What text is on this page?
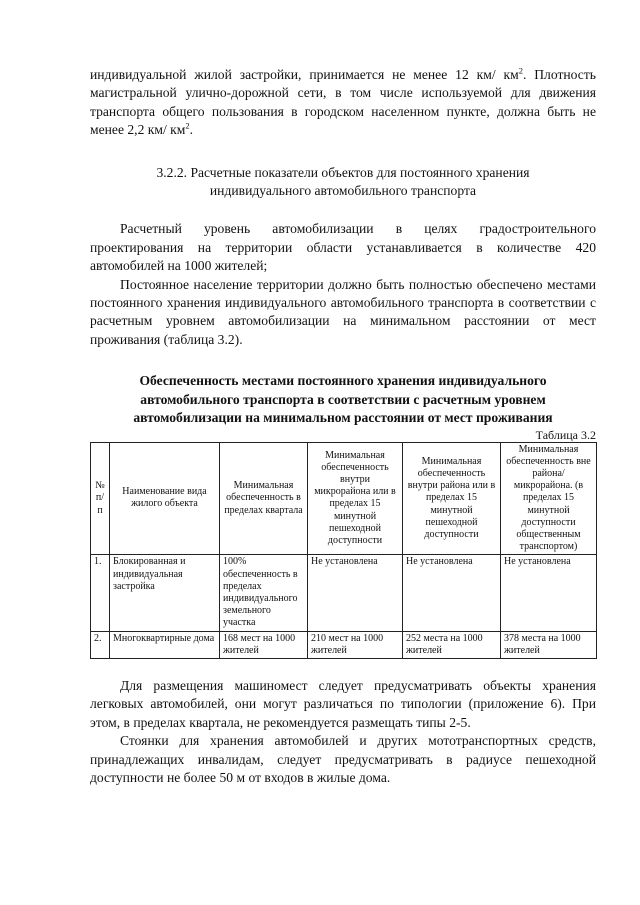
индивидуальной жилой застройки, принимается не менее 12 км/ $км^2$. Плотность магистральной улично-дорожной сети, в том числе используемой для движения транспорта общего пользования в городском населенном пункте, должна быть не менее 2,2 км/ $км^2$.

3.2.2. Расчетные показатели объектов для постоянного хранения
индивидуального автомобильного транспорта

Расчетный уровень автомобилизации в целях градостроительного проектирования на территории области устанавливается в количестве 420 автомобилей на 1000 жителей;

Постоянное население территории должно быть полностью обеспечено местами постоянного хранения индивидуального автомобильного транспорта в соответствии с расчетным уровнем автомобилизации на минимальном расстоянии от мест проживания (таблица 3.2).

Обеспеченность местами постоянного хранения индивидуального автомобильного транспорта в соответствии с расчетным уровнем автомобилизации на минимальном расстоянии от мест проживания
Таблица 3.2
№ п/п	Наименование вида жилого объекта	Минимальная обеспеченность в пределах квартала	Минимальная обеспеченность внутри микрорайона или в пределах 15 минутной пешеходной доступности	Минимальная обеспеченность внутри района или в пределах 15 минутной пешеходной доступности	Минимальная обеспеченность вне района/ микрорайона. (в пределах 15 минутной доступности общественным транспортом)
1.	Блокированная и индивидуальная застройка	100% обеспеченность в пределах индивидуального земельного участка	Не установлена	Не установлена	Не установлена
2.	Многоквартирные дома	168 мест на 1000 жителей	210 мест на 1000 жителей	252 места на 1000 жителей	378 места на 1000 жителей

Для размещения машиномест следует предусматривать объекты хранения легковых автомобилей, они могут различаться по типологии (приложение 6). При этом, в пределах квартала, не рекомендуется размещать типы 2-5.

Стоянки для хранения автомобилей и других мототранспортных средств, принадлежащих инвалидам, следует предусматривать в радиусе пешеходной доступности не более 50 м от входов в жилые дома.
